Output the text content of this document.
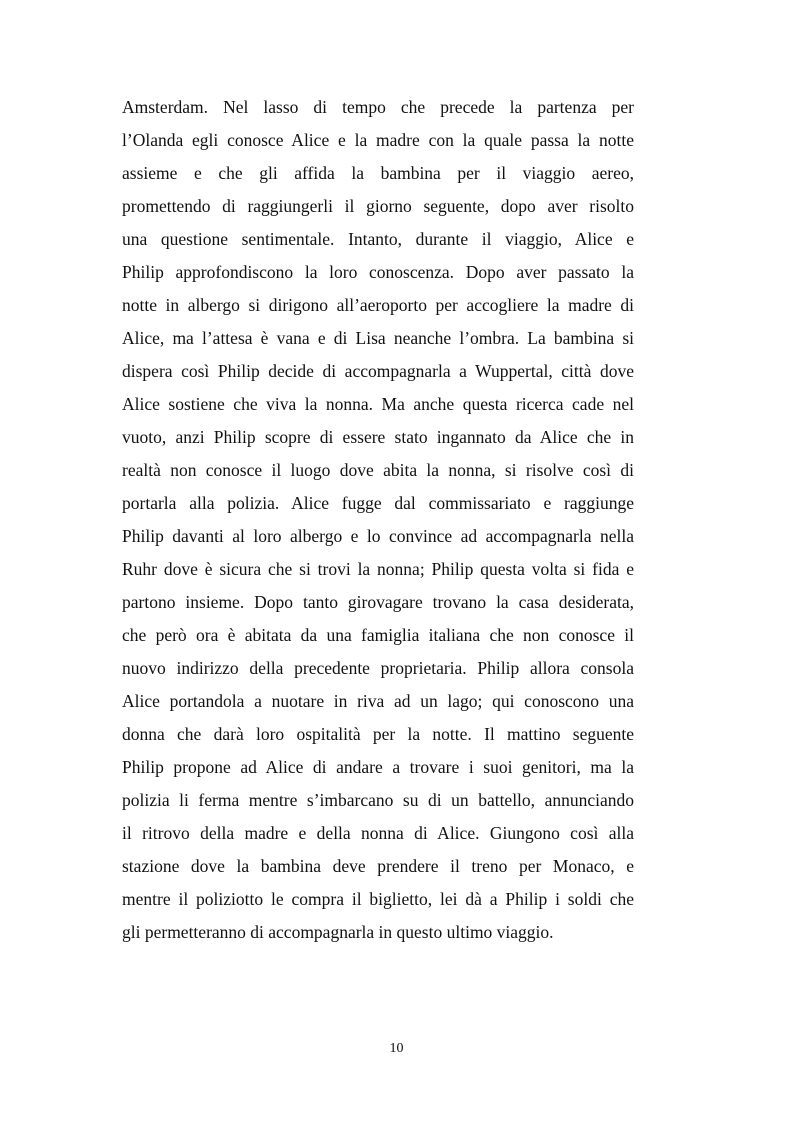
Amsterdam. Nel lasso di tempo che precede la partenza per
l’Olanda egli conosce Alice e la madre con la quale passa la notte
assieme e che gli affida la bambina per il viaggio aereo,
promettendo di raggiungerli il giorno seguente, dopo aver risolto
una questione sentimentale. Intanto, durante il viaggio, Alice e
Philip approfondiscono la loro conoscenza. Dopo aver passato la
notte in albergo si dirigono all’aeroporto per accogliere la madre di
Alice, ma l’attesa è vana e di Lisa neanche l’ombra. La bambina si
dispera così Philip decide di accompagnarla a Wuppertal, città dove
Alice sostiene che viva la nonna. Ma anche questa ricerca cade nel
vuoto, anzi Philip scopre di essere stato ingannato da Alice che in
realtà non conosce il luogo dove abita la nonna, si risolve così di
portarla alla polizia. Alice fugge dal commissariato e raggiunge
Philip davanti al loro albergo e lo convince ad accompagnarla nella
Ruhr dove è sicura che si trovi la nonna; Philip questa volta si fida e
partono insieme. Dopo tanto girovagare trovano la casa desiderata,
che però ora è abitata da una famiglia italiana che non conosce il
nuovo indirizzo della precedente proprietaria. Philip allora consola
Alice portandola a nuotare in riva ad un lago; qui conoscono una
donna che darà loro ospitalità per la notte. Il mattino seguente
Philip propone ad Alice di andare a trovare i suoi genitori, ma la
polizia li ferma mentre s’imbarcano su di un battello, annunciando
il ritrovo della madre e della nonna di Alice. Giungono così alla
stazione dove la bambina deve prendere il treno per Monaco, e
mentre il poliziotto le compra il biglietto, lei dà a Philip i soldi che
gli permetteranno di accompagnarla in questo ultimo viaggio.
10
